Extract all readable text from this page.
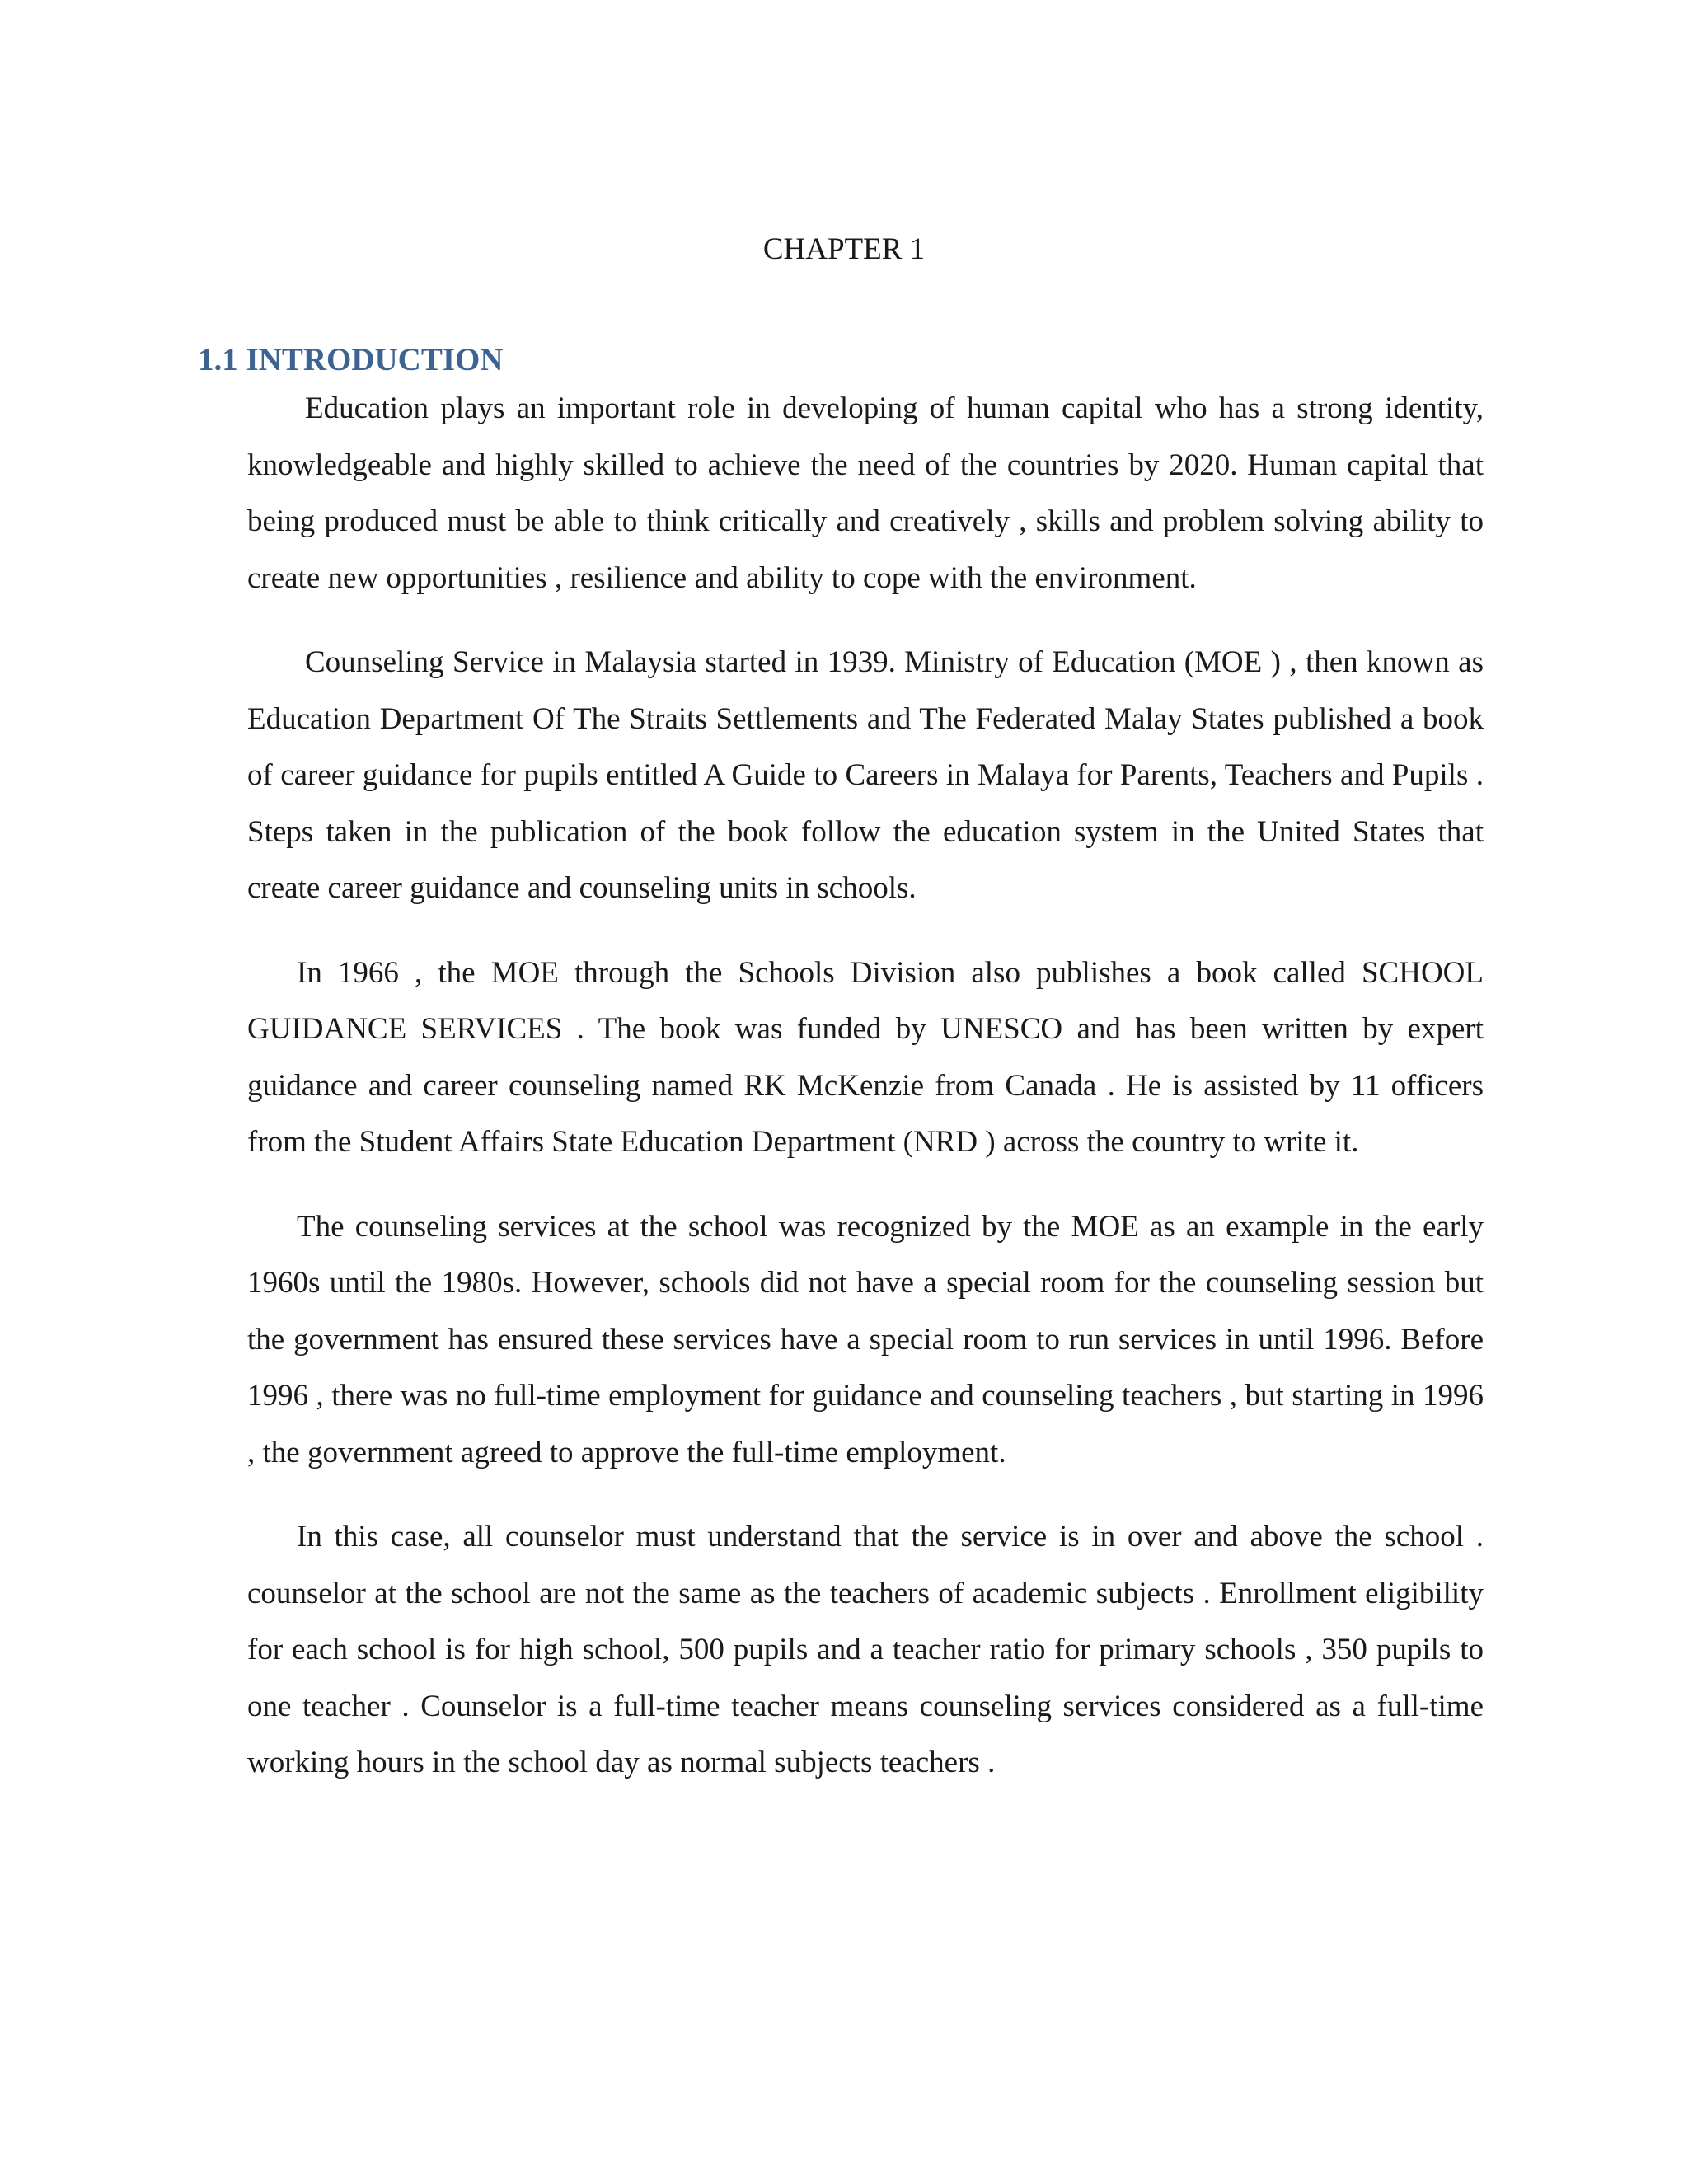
CHAPTER 1
1.1 INTRODUCTION

Education plays an important role in developing of human capital who has a strong identity, knowledgeable and highly skilled to achieve the need of the countries by 2020. Human capital that being produced must be able to think critically and creatively , skills and problem solving ability to create new opportunities , resilience and ability to cope with the environment.

Counseling Service in Malaysia started in 1939. Ministry of Education (MOE ) , then known as Education Department Of The Straits Settlements and The Federated Malay States published a book of career guidance for pupils entitled A Guide to Careers in Malaya for Parents, Teachers and Pupils . Steps taken in the publication of the book follow the education system in the United States that create career guidance and counseling units in schools.

In 1966 , the MOE through the Schools Division also publishes a book called SCHOOL GUIDANCE SERVICES . The book was funded by UNESCO and has been written by expert guidance and career counseling named RK McKenzie from Canada . He is assisted by 11 officers from the Student Affairs State Education Department (NRD ) across the country to write it.

The counseling services at the school was recognized by the MOE as an example in the early 1960s until the 1980s. However, schools did not have a special room for the counseling session but the government has ensured these services have a special room to run services in until 1996. Before 1996 , there was no full-time employment for guidance and counseling teachers , but starting in 1996 , the government agreed to approve the full-time employment.

In this case, all counselor must understand that the service is in over and above the school . counselor at the school are not the same as the teachers of academic subjects . Enrollment eligibility for each school is for high school, 500 pupils and a teacher ratio for primary schools , 350 pupils to one teacher . Counselor is a full-time teacher means counseling services considered as a full-time working hours in the school day as normal subjects teachers .
